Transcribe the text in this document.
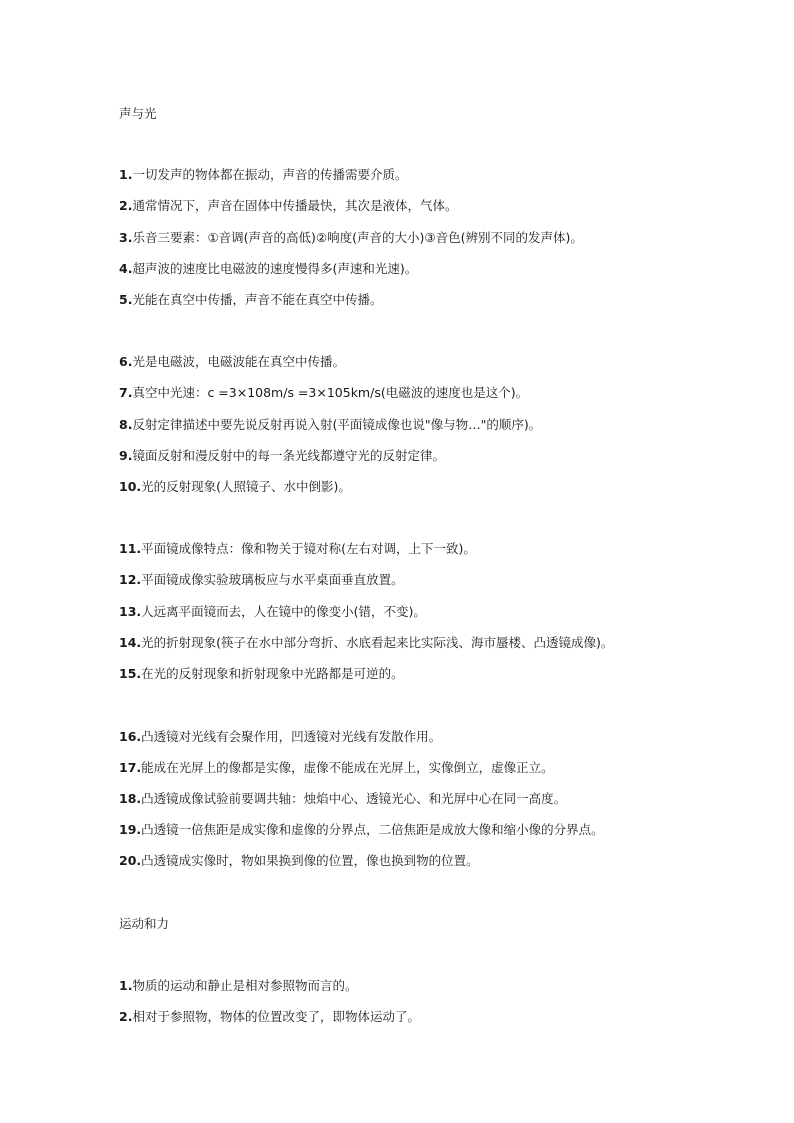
声与光
1.一切发声的物体都在振动，声音的传播需要介质。
2.通常情况下，声音在固体中传播最快，其次是液体，气体。
3.乐音三要素：①音调(声音的高低)②响度(声音的大小)③音色(辨别不同的发声体)。
4.超声波的速度比电磁波的速度慢得多(声速和光速)。
5.光能在真空中传播，声音不能在真空中传播。
6.光是电磁波，电磁波能在真空中传播。
7.真空中光速：c =3×108m/s =3×105km/s(电磁波的速度也是这个)。
8.反射定律描述中要先说反射再说入射(平面镜成像也说"像与物…"的顺序)。
9.镜面反射和漫反射中的每一条光线都遵守光的反射定律。
10.光的反射现象(人照镜子、水中倒影)。
11.平面镜成像特点：像和物关于镜对称(左右对调，上下一致)。
12.平面镜成像实验玻璃板应与水平桌面垂直放置。
13.人远离平面镜而去，人在镜中的像变小(错，不变)。
14.光的折射现象(筷子在水中部分弯折、水底看起来比实际浅、海市蜃楼、凸透镜成像)。
15.在光的反射现象和折射现象中光路都是可逆的。
16.凸透镜对光线有会聚作用，凹透镜对光线有发散作用。
17.能成在光屏上的像都是实像，虚像不能成在光屏上，实像倒立，虚像正立。
18.凸透镜成像试验前要调共轴：烛焰中心、透镜光心、和光屏中心在同一高度。
19.凸透镜一倍焦距是成实像和虚像的分界点，二倍焦距是成放大像和缩小像的分界点。
20.凸透镜成实像时，物如果换到像的位置，像也换到物的位置。
运动和力
1.物质的运动和静止是相对参照物而言的。
2.相对于参照物，物体的位置改变了，即物体运动了。
